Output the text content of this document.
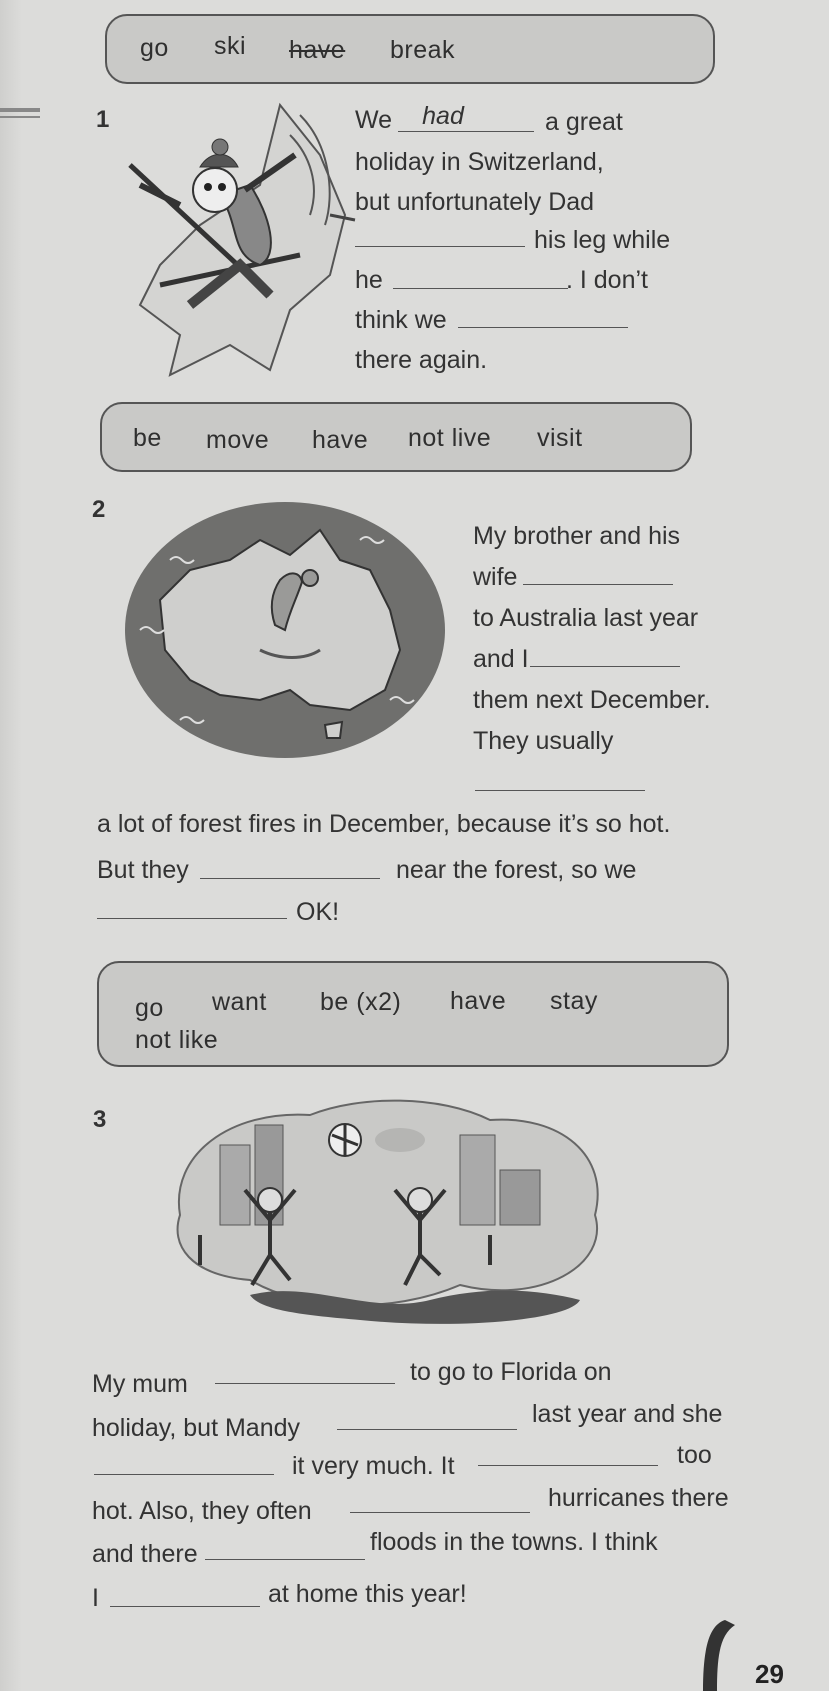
go ski have break
1	We	had	a great
holiday in Switzerland,
but unfortunately Dad
his leg while
he	. I don’t
think we
there again.
be move have not live visit
2
My brother and his
wife
to Australia last year
and I
them next December.
They usually
a lot of forest fires in December, because it’s so hot.
But they	near the forest, so we
OK!
go want be (x2) have stay
not like
3
My mum	to go to Florida on
holiday, but Mandy	last year and she
it very much. It	too
hot. Also, they often	hurricanes there
and there	floods in the towns. I think
I	at home this year!
29
